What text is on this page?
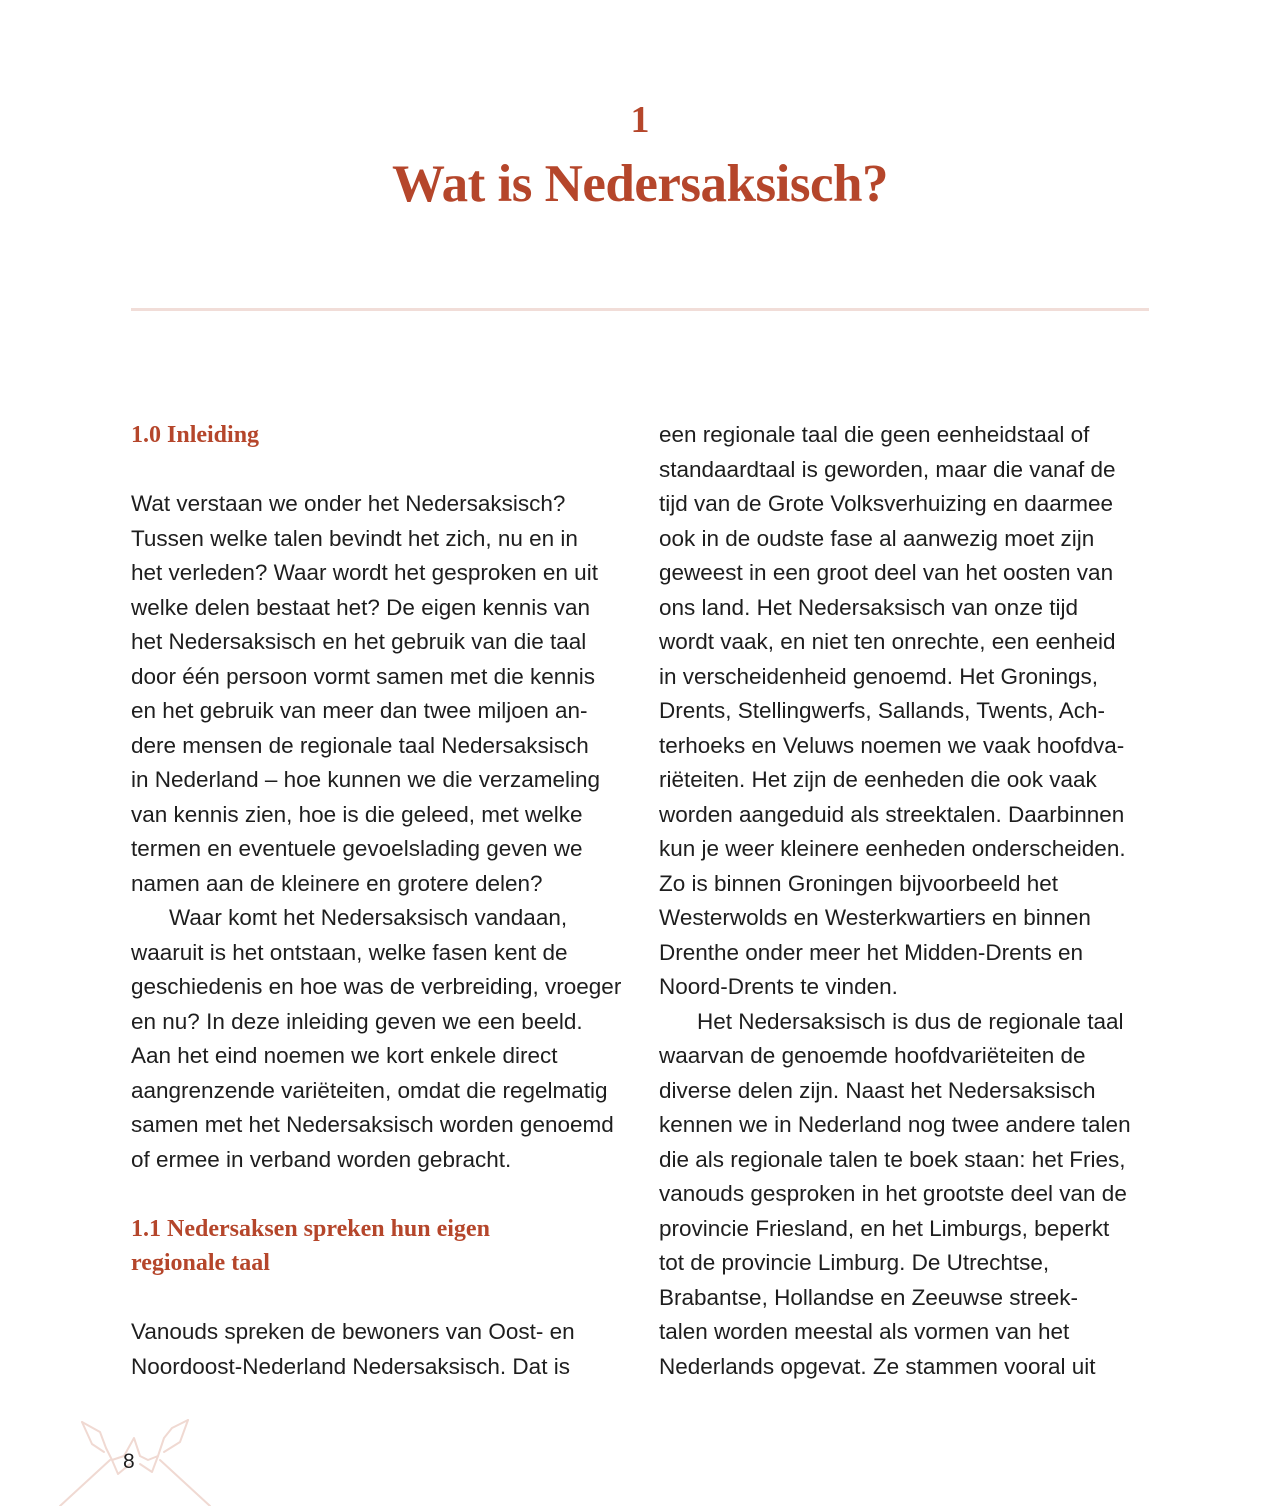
1
Wat is Nedersaksisch?
1.0 Inleiding
Wat verstaan we onder het Nedersaksisch?
Tussen welke talen bevindt het zich, nu en in
het verleden? Waar wordt het gesproken en uit
welke delen bestaat het? De eigen kennis van
het Nedersaksisch en het gebruik van die taal
door één persoon vormt samen met die kennis
en het gebruik van meer dan twee miljoen an-
dere mensen de regionale taal Nedersaksisch
in Nederland – hoe kunnen we die verzameling
van kennis zien, hoe is die geleed, met welke
termen en eventuele gevoelslading geven we
namen aan de kleinere en grotere delen?
Waar komt het Nedersaksisch vandaan,
waaruit is het ontstaan, welke fasen kent de
geschiedenis en hoe was de verbreiding, vroeger
en nu? In deze inleiding geven we een beeld.
Aan het eind noemen we kort enkele direct
aangrenzende variëteiten, omdat die regelmatig
samen met het Nedersaksisch worden genoemd
of ermee in verband worden gebracht.
1.1 Nedersaksen spreken hun eigen
regionale taal
Vanouds spreken de bewoners van Oost- en
Noordoost-Nederland Nedersaksisch. Dat is
een regionale taal die geen eenheidstaal of
standaardtaal is geworden, maar die vanaf de
tijd van de Grote Volksverhuizing en daarmee
ook in de oudste fase al aanwezig moet zijn
geweest in een groot deel van het oosten van
ons land. Het Nedersaksisch van onze tijd
wordt vaak, en niet ten onrechte, een eenheid
in verscheidenheid genoemd. Het Gronings,
Drents, Stellingwerfs, Sallands, Twents, Ach-
terhoeks en Veluws noemen we vaak hoofdva-
riëteiten. Het zijn de eenheden die ook vaak
worden aangeduid als streektalen. Daarbinnen
kun je weer kleinere eenheden onderscheiden.
Zo is binnen Groningen bijvoorbeeld het
Westerwolds en Westerkwartiers en binnen
Drenthe onder meer het Midden-Drents en
Noord-Drents te vinden.
Het Nedersaksisch is dus de regionale taal
waarvan de genoemde hoofdvariëteiten de
diverse delen zijn. Naast het Nedersaksisch
kennen we in Nederland nog twee andere talen
die als regionale talen te boek staan: het Fries,
vanouds gesproken in het grootste deel van de
provincie Friesland, en het Limburgs, beperkt
tot de provincie Limburg. De Utrechtse,
Brabantse, Hollandse en Zeeuwse streek-
talen worden meestal als vormen van het
Nederlands opgevat. Ze stammen vooral uit
8
